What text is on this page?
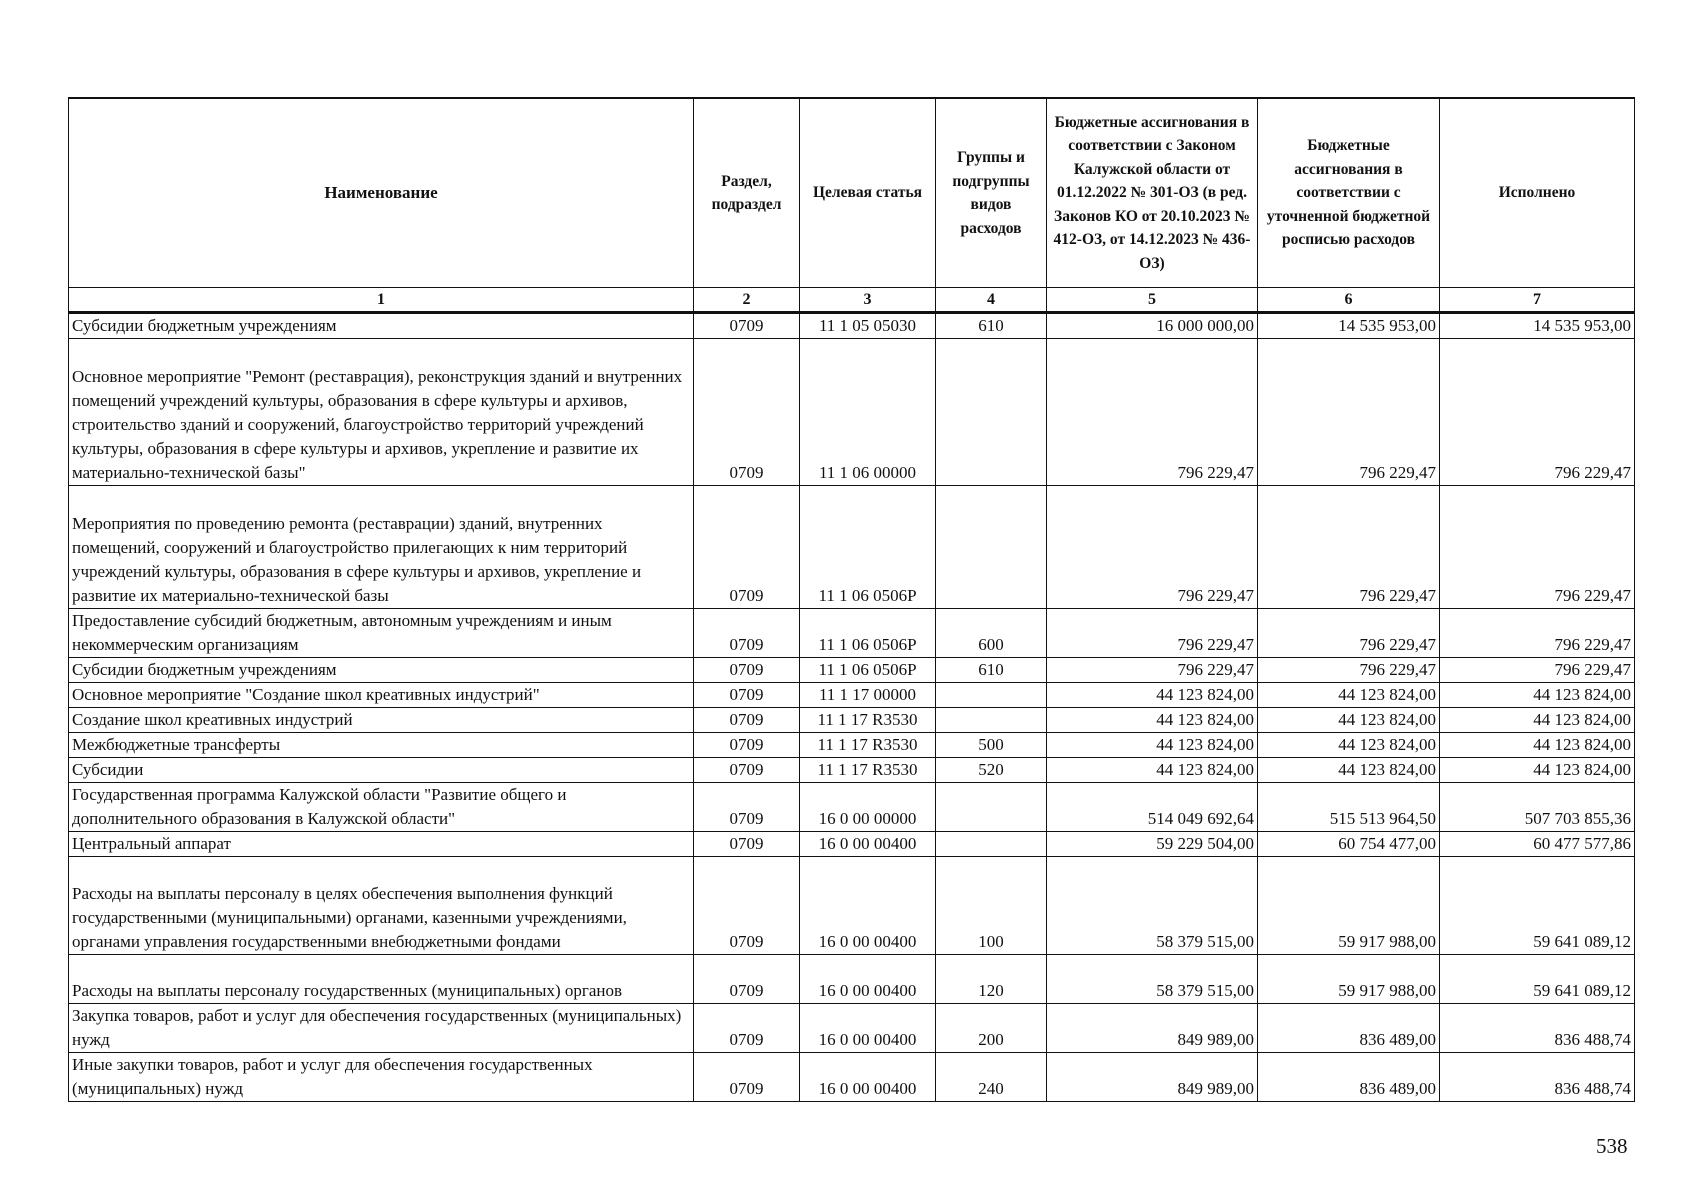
Наименование	Раздел, подраздел	Целевая статья	Группы и подгруппы видов расходов	Бюджетные ассигнования в соответствии с Законом Калужской области от 01.12.2022 № 301-ОЗ (в ред. Законов КО от 20.10.2023 № 412-ОЗ, от 14.12.2023 № 436-ОЗ)	Бюджетные ассигнования в соответствии с уточненной бюджетной росписью расходов	Исполнено
1	2	3	4	5	6	7
Субсидии бюджетным учреждениям	0709	11 1 05 05030	610	16 000 000,00	14 535 953,00	14 535 953,00
Основное мероприятие "Ремонт (реставрация), реконструкция зданий и внутренних помещений учреждений культуры, образования в сфере культуры и архивов, строительство зданий и сооружений, благоустройство территорий учреждений культуры, образования в сфере культуры и архивов, укрепление и развитие их материально-технической базы"	0709	11 1 06 00000		796 229,47	796 229,47	796 229,47
Мероприятия по проведению ремонта (реставрации) зданий, внутренних помещений, сооружений и благоустройство прилегающих к ним территорий учреждений культуры, образования в сфере культуры и архивов, укрепление и развитие их материально-технической базы	0709	11 1 06 0506Р		796 229,47	796 229,47	796 229,47
Предоставление субсидий бюджетным, автономным учреждениям и иным некоммерческим организациям	0709	11 1 06 0506Р	600	796 229,47	796 229,47	796 229,47
Субсидии бюджетным учреждениям	0709	11 1 06 0506Р	610	796 229,47	796 229,47	796 229,47
Основное мероприятие "Создание школ креативных индустрий"	0709	11 1 17 00000		44 123 824,00	44 123 824,00	44 123 824,00
Создание школ креативных индустрий	0709	11 1 17 R3530		44 123 824,00	44 123 824,00	44 123 824,00
Межбюджетные трансферты	0709	11 1 17 R3530	500	44 123 824,00	44 123 824,00	44 123 824,00
Субсидии	0709	11 1 17 R3530	520	44 123 824,00	44 123 824,00	44 123 824,00
Государственная программа Калужской области "Развитие общего и дополнительного образования в Калужской области"	0709	16 0 00 00000		514 049 692,64	515 513 964,50	507 703 855,36
Центральный аппарат	0709	16 0 00 00400		59 229 504,00	60 754 477,00	60 477 577,86
Расходы на выплаты персоналу в целях обеспечения выполнения функций государственными (муниципальными) органами, казенными учреждениями, органами управления государственными внебюджетными фондами	0709	16 0 00 00400	100	58 379 515,00	59 917 988,00	59 641 089,12
Расходы на выплаты персоналу государственных (муниципальных) органов	0709	16 0 00 00400	120	58 379 515,00	59 917 988,00	59 641 089,12
Закупка товаров, работ и услуг для обеспечения государственных (муниципальных) нужд	0709	16 0 00 00400	200	849 989,00	836 489,00	836 488,74
Иные закупки товаров, работ и услуг для обеспечения государственных (муниципальных) нужд	0709	16 0 00 00400	240	849 989,00	836 489,00	836 488,74
538
